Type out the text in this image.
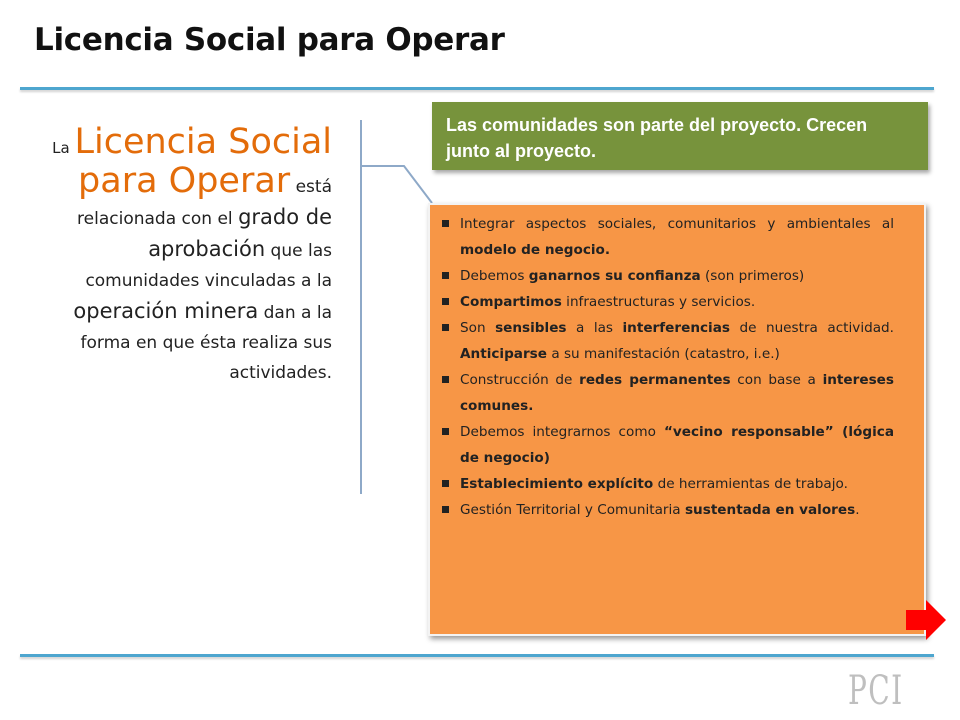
Licencia Social para Operar
La Licencia Social para Operar está relacionada con el grado de aprobación que las comunidades vinculadas a la operación minera dan a la forma en que ésta realiza sus actividades.
Las comunidades son parte del proyecto. Crecen junto al proyecto.
Integrar aspectos sociales, comunitarios y ambientales al modelo de negocio.
Debemos ganarnos su confianza (son primeros)
Compartimos infraestructuras y servicios.
Son sensibles a las interferencias de nuestra actividad. Anticiparse a su manifestación (catastro, i.e.)
Construcción de redes permanentes con base a intereses comunes.
Debemos integrarnos como “vecino responsable” (lógica de negocio)
Establecimiento explícito de herramientas de trabajo.
Gestión Territorial y Comunitaria sustentada en valores.
PCI
